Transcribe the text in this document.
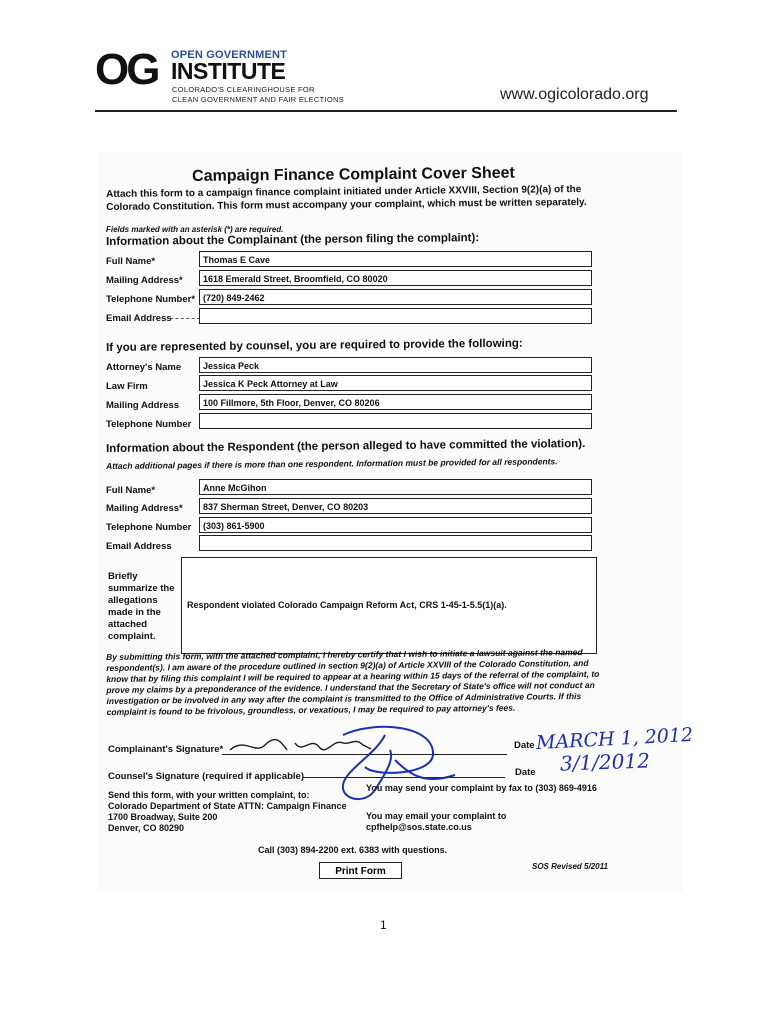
OG OPEN GOVERNMENT
INSTITUTE
COLORADO'S CLEARINGHOUSE FOR
CLEAN GOVERNMENT AND FAIR ELECTIONS	www.ogicolorado.org
Campaign Finance Complaint Cover Sheet
Attach this form to a campaign finance complaint initiated under Article XXVIII, Section 9(2)(a) of the Colorado Constitution. This form must accompany your complaint, which must be written separately.
Fields marked with an asterisk (*) are required.
Information about the Complainant (the person filing the complaint):
Full Name*	Thomas E Cave
Mailing Address*	1618 Emerald Street, Broomfield, CO 80020
Telephone Number* (720) 849-2462
Email Address
If you are represented by counsel, you are required to provide the following:
Attorney's Name	Jessica Peck
Law Firm	Jessica K Peck Attorney at Law
Mailing Address	100 Fillmore, 5th Floor, Denver, CO 80206
Telephone Number
Information about the Respondent (the person alleged to have committed the violation).
Attach additional pages if there is more than one respondent. Information must be provided for all respondents.
Full Name*	Anne McGihon
Mailing Address*	837 Sherman Street, Denver, CO 80203
Telephone Number	(303) 861-5900
Email Address
Briefly summarize the allegations made in the attached complaint.
Respondent violated Colorado Campaign Reform Act, CRS 1-45-1-5.5(1)(a).
By submitting this form, with the attached complaint, I hereby certify that I wish to initiate a lawsuit against the named respondent(s). I am aware of the procedure outlined in section 9(2)(a) of Article XXVIII of the Colorado Constitution, and know that by filing this complaint I will be required to appear at a hearing within 15 days of the referral of the complaint, to prove my claims by a preponderance of the evidence. I understand that the Secretary of State's office will not conduct an investigation or be involved in any way after the complaint is transmitted to the Office of Administrative Courts. If this complaint is found to be frivolous, groundless, or vexatious, I may be required to pay attorney's fees.
Complainant's Signature*	Date MARCH 1, 2012
Counsel's Signature (required if applicable)	Date 3/1/2012
Send this form, with your written complaint, to:
Colorado Department of State ATTN: Campaign Finance
1700 Broadway, Suite 200
Denver, CO 80290
You may send your complaint by fax to (303) 869-4916
You may email your complaint to
cpfhelp@sos.state.co.us
Call (303) 894-2200 ext. 6383 with questions.
Print Form	SOS Revised 5/2011
1
